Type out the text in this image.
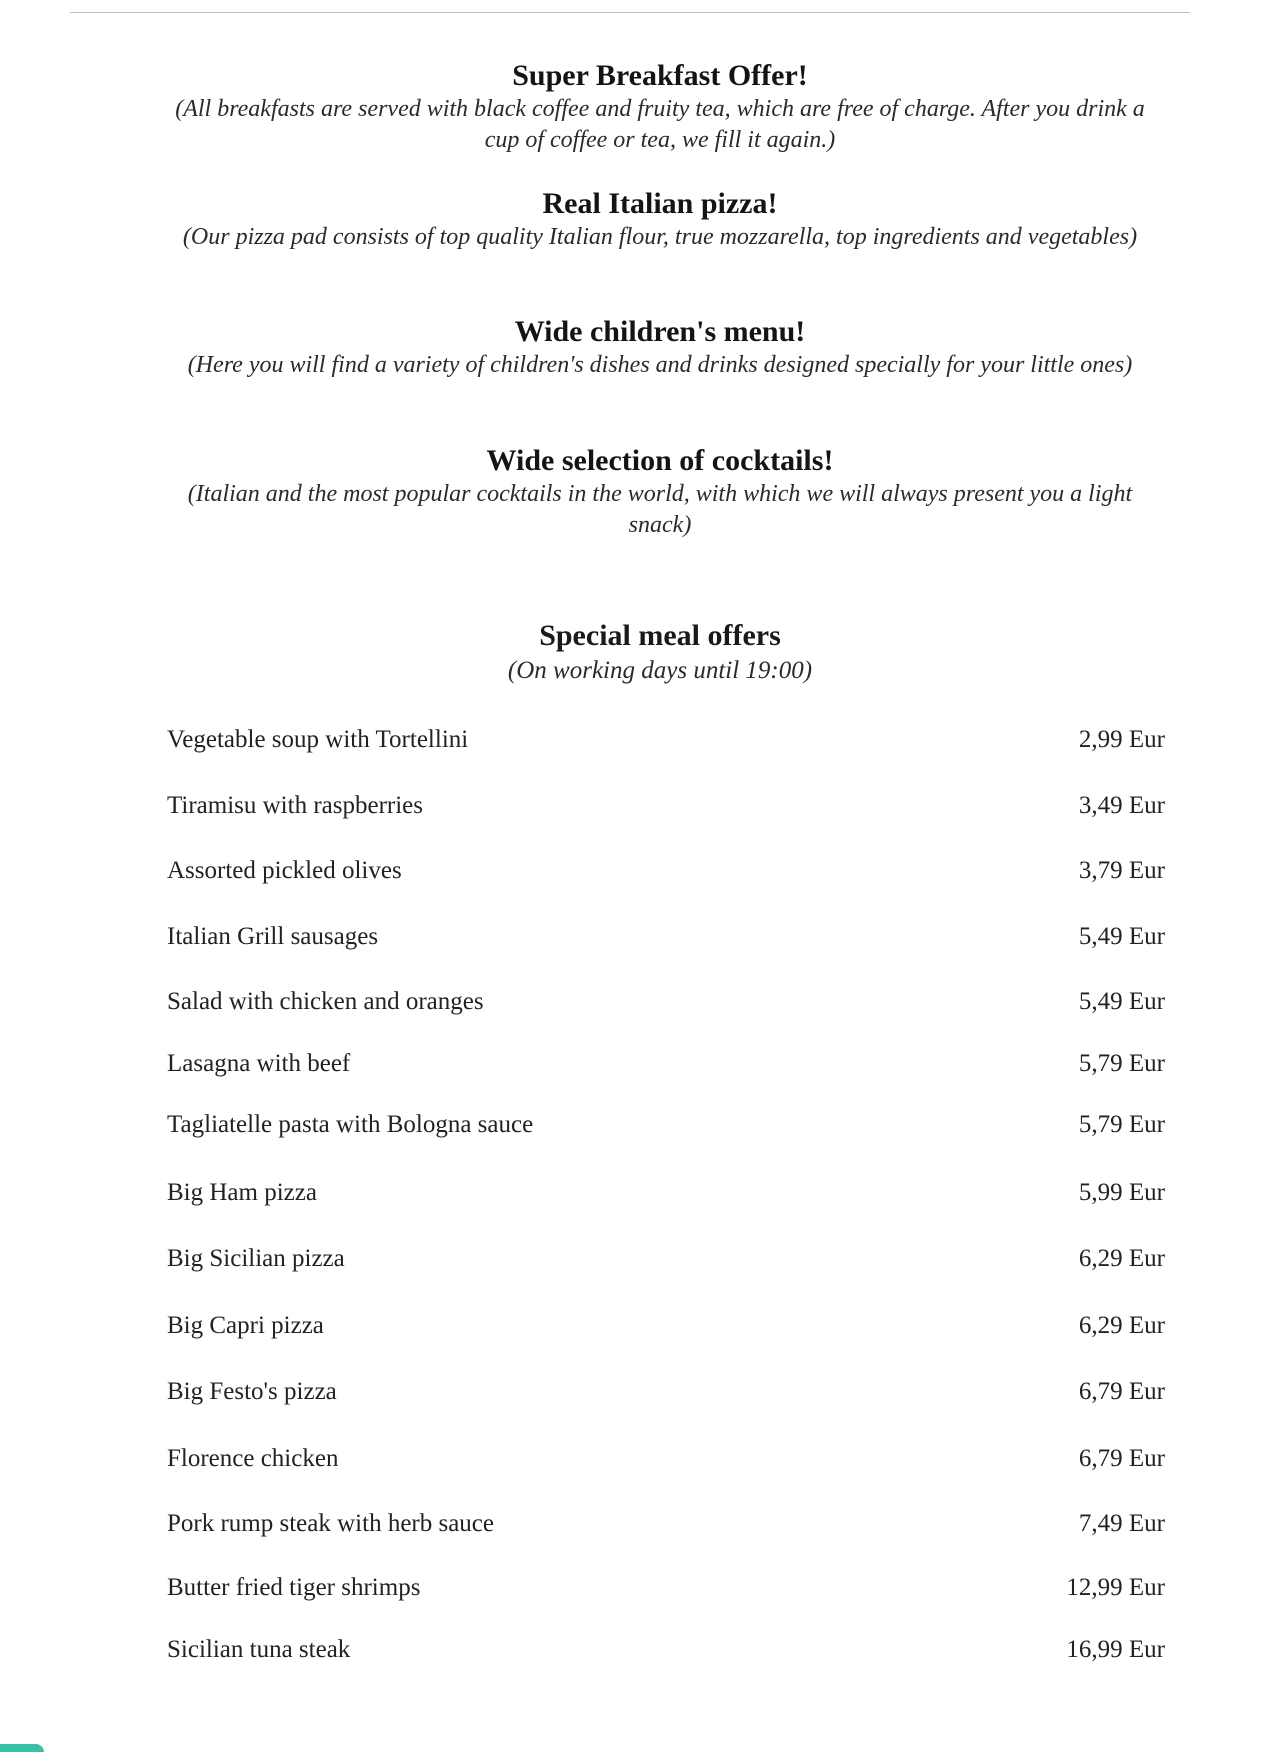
Super Breakfast Offer!

(All breakfasts are served with black coffee and fruity tea, which are free of charge. After you drink a cup of coffee or tea, we fill it again.)

Real Italian pizza!

(Our pizza pad consists of top quality Italian flour, true mozzarella, top ingredients and vegetables)

Wide children's menu!

(Here you will find a variety of children's dishes and drinks designed specially for your little ones)

Wide selection of cocktails!

(Italian and the most popular cocktails in the world, with which we will always present you a light snack)

Special meal offers

(On working days until 19:00)

Vegetable soup with Tortellini	2,99 Eur
Tiramisu with raspberries	3,49 Eur
Assorted pickled olives	3,79 Eur
Italian Grill sausages	5,49 Eur
Salad with chicken and oranges	5,49 Eur
Lasagna with beef	5,79 Eur
Tagliatelle pasta with Bologna sauce	5,79 Eur
Big Ham pizza	5,99 Eur
Big Sicilian pizza	6,29 Eur
Big Capri pizza	6,29 Eur
Big Festo's pizza	6,79 Eur
Florence chicken	6,79 Eur
Pork rump steak with herb sauce	7,49 Eur
Butter fried tiger shrimps	12,99 Eur
Sicilian tuna steak	16,99 Eur
